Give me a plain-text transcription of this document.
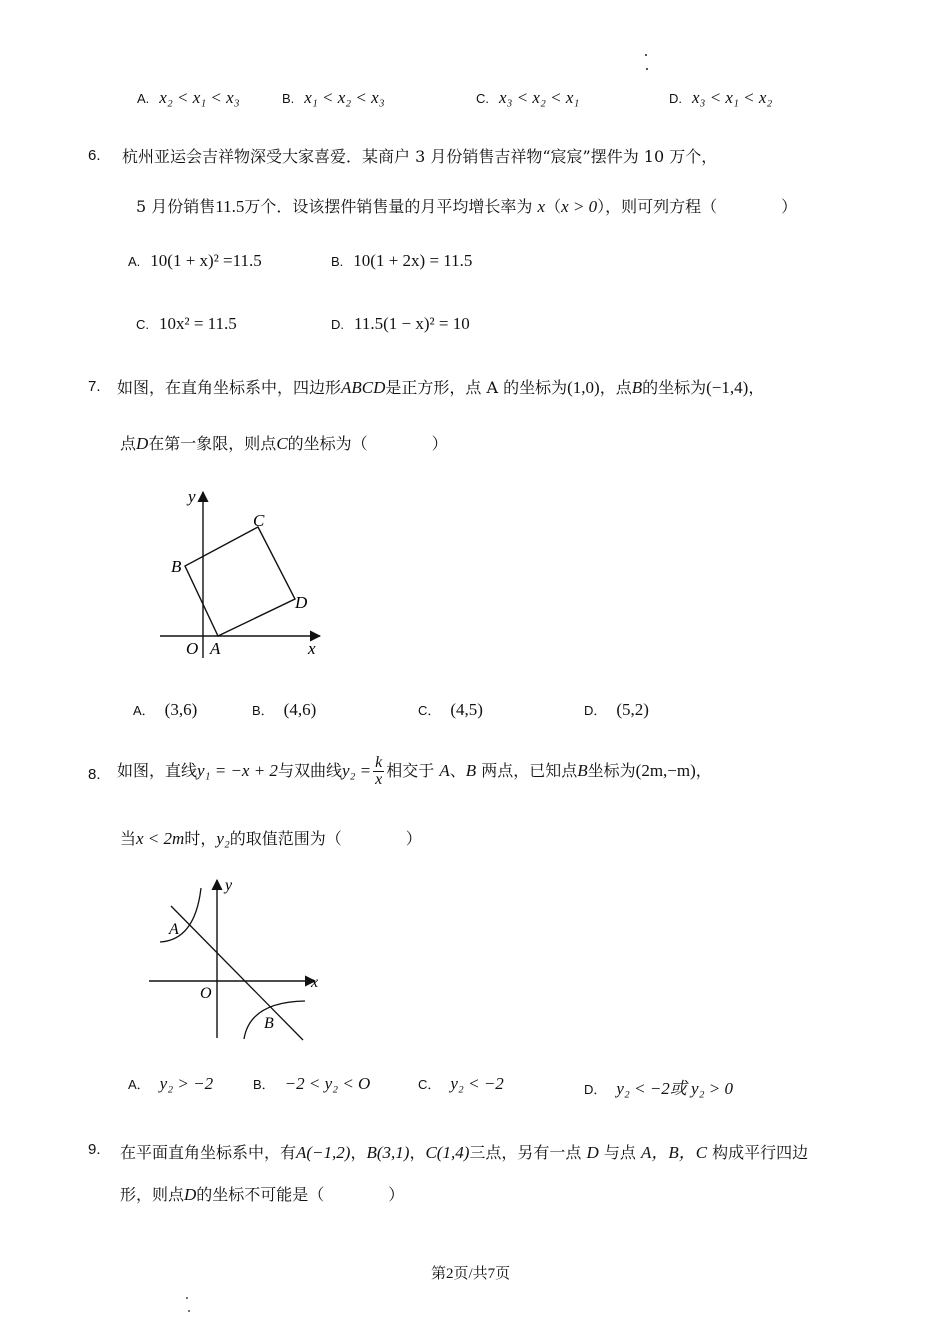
A. x₂ < x₁ < x₃	B. x₁ < x₂ < x₃	C. x₃ < x₂ < x₁	D. x₃ < x₁ < x₂
6. 杭州亚运会吉祥物深受大家喜爱．某商户 3 月份销售吉祥物“宸宸”摆件为 10 万个，
5 月份销售11.5万个．设该摆件销售量的月平均增长率为 x（x > 0），则可列方程（　　　　）
A. 10(1 + x)² =11.5	B. 10(1 + 2x) = 11.5
C. 10x² = 11.5	D. 11.5(1 − x)² = 10
7. 如图，在直角坐标系中，四边形ABCD是正方形，点 A 的坐标为(1,0)，点B的坐标为(−1,4)，
点D在第一象限，则点C的坐标为（　　　　）
y
x
O A
B
C
D
A． (3,6)	B． (4,6)	C． (4,5)	D． (5,2)
8. 如图，直线y₁ = −x + 2与双曲线$y_2 = \frac{k}{x}$ 相交于 A、B 两点，已知点B坐标为(2m,−m)，
当x < 2m时，y₂的取值范围为（　　　　）
y
x
O
A
B
A． y₂ > −2	B． −2 < y₂ < O	C． y₂ < −2	D． y₂ < −2或 y₂ > 0
9. 在平面直角坐标系中，有A(−1,2)，B(3,1)，C(1,4)三点，另有一点 D 与点 A，B，C 构成平行四边
形，则点D的坐标不可能是（　　　　）
第2页/共7页
